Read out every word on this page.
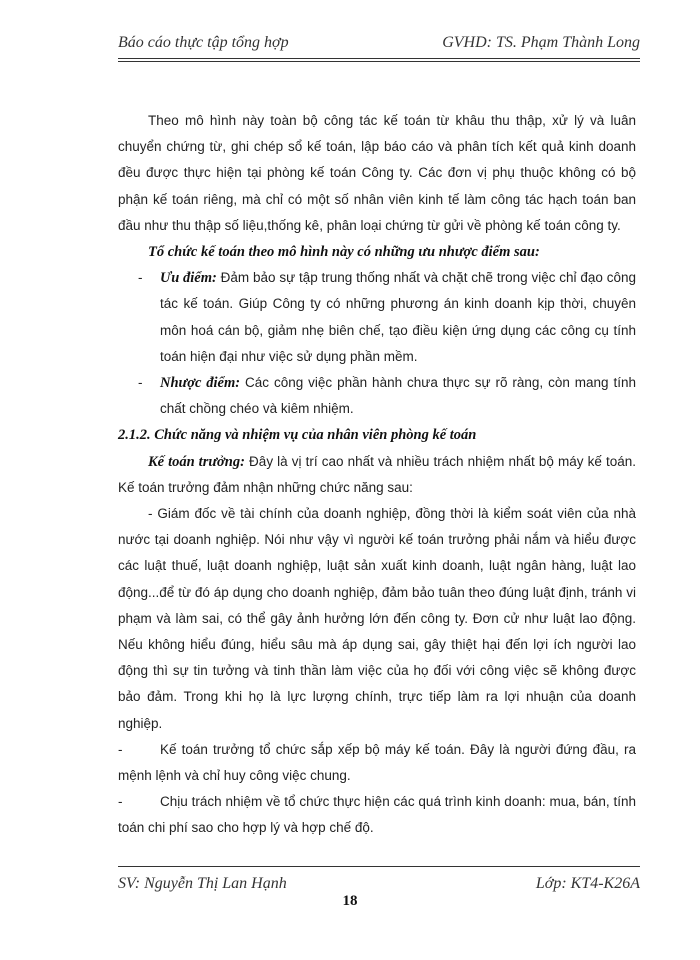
Báo cáo thực tập tổng hợp	GVHD: TS. Phạm Thành Long

Theo mô hình này toàn bộ công tác kế toán từ khâu thu thập, xử lý và luân chuyển chứng từ, ghi chép sổ kế toán, lập báo cáo và phân tích kết quả kinh doanh đều được thực hiện tại phòng kế toán Công ty. Các đơn vị phụ thuộc không có bộ phận kế toán riêng, mà chỉ có một số nhân viên kinh tế làm công tác hạch toán ban đầu như thu thập số liệu,thống kê, phân loại chứng từ gửi về phòng kế toán công ty.

Tổ chức kế toán theo mô hình này có những ưu nhược điểm sau:

- Ưu điểm: Đảm bảo sự tập trung thống nhất và chặt chẽ trong việc chỉ đạo công tác kế toán. Giúp Công ty có những phương án kinh doanh kịp thời, chuyên môn hoá cán bộ, giảm nhẹ biên chế, tạo điều kiện ứng dụng các công cụ tính toán hiện đại như việc sử dụng phần mềm.

- Nhược điểm: Các công việc phần hành chưa thực sự rõ ràng, còn mang tính chất chồng chéo và kiêm nhiệm.

2.1.2. Chức năng và nhiệm vụ của nhân viên phòng kế toán

Kế toán trưởng: Đây là vị trí cao nhất và nhiều trách nhiệm nhất bộ máy kế toán. Kế toán trưởng đảm nhận những chức năng sau:

- Giám đốc về tài chính của doanh nghiệp, đồng thời là kiểm soát viên của nhà nước tại doanh nghiệp. Nói như vậy vì người kế toán trưởng phải nắm và hiểu được các luật thuế, luật doanh nghiệp, luật sản xuất kinh doanh, luật ngân hàng, luật lao động...để từ đó áp dụng cho doanh nghiệp, đảm bảo tuân theo đúng luật định, tránh vi phạm và làm sai, có thể gây ảnh hưởng lớn đến công ty. Đơn cử như luật lao động. Nếu không hiểu đúng, hiểu sâu mà áp dụng sai, gây thiệt hại đến lợi ích người lao động thì sự tin tưởng và tinh thần làm việc của họ đối với công việc sẽ không được bảo đảm. Trong khi họ là lực lượng chính, trực tiếp làm ra lợi nhuận của doanh nghiệp.

-	Kế toán trưởng tổ chức sắp xếp bộ máy kế toán. Đây là người đứng đầu, ra mệnh lệnh và chỉ huy công việc chung.

-	Chịu trách nhiệm về tổ chức thực hiện các quá trình kinh doanh: mua, bán, tính toán chi phí sao cho hợp lý và hợp chế độ.

SV: Nguyễn Thị Lan Hạnh	Lớp: KT4-K26A
18
